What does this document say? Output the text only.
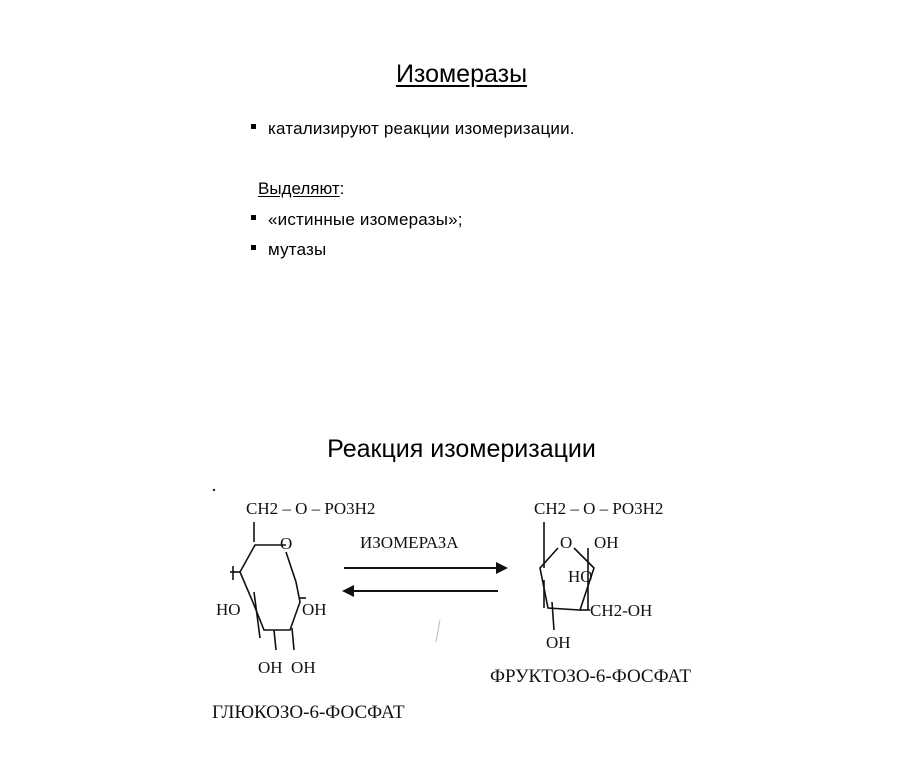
Изомеразы
катализируют реакции изомеризации.
Выделяют:
«истинные изомеразы»;
мутазы
Реакция изомеризации
CH2 – O – PO3H2
O
HO	OH
OH  OH
ГЛЮКОЗО-6-ФОСФАТ
ИЗОМЕРАЗА
CH2 – O – PO3H2
O OH
HO
CH2-OH
OH
ФРУКТОЗО-6-ФОСФАТ
